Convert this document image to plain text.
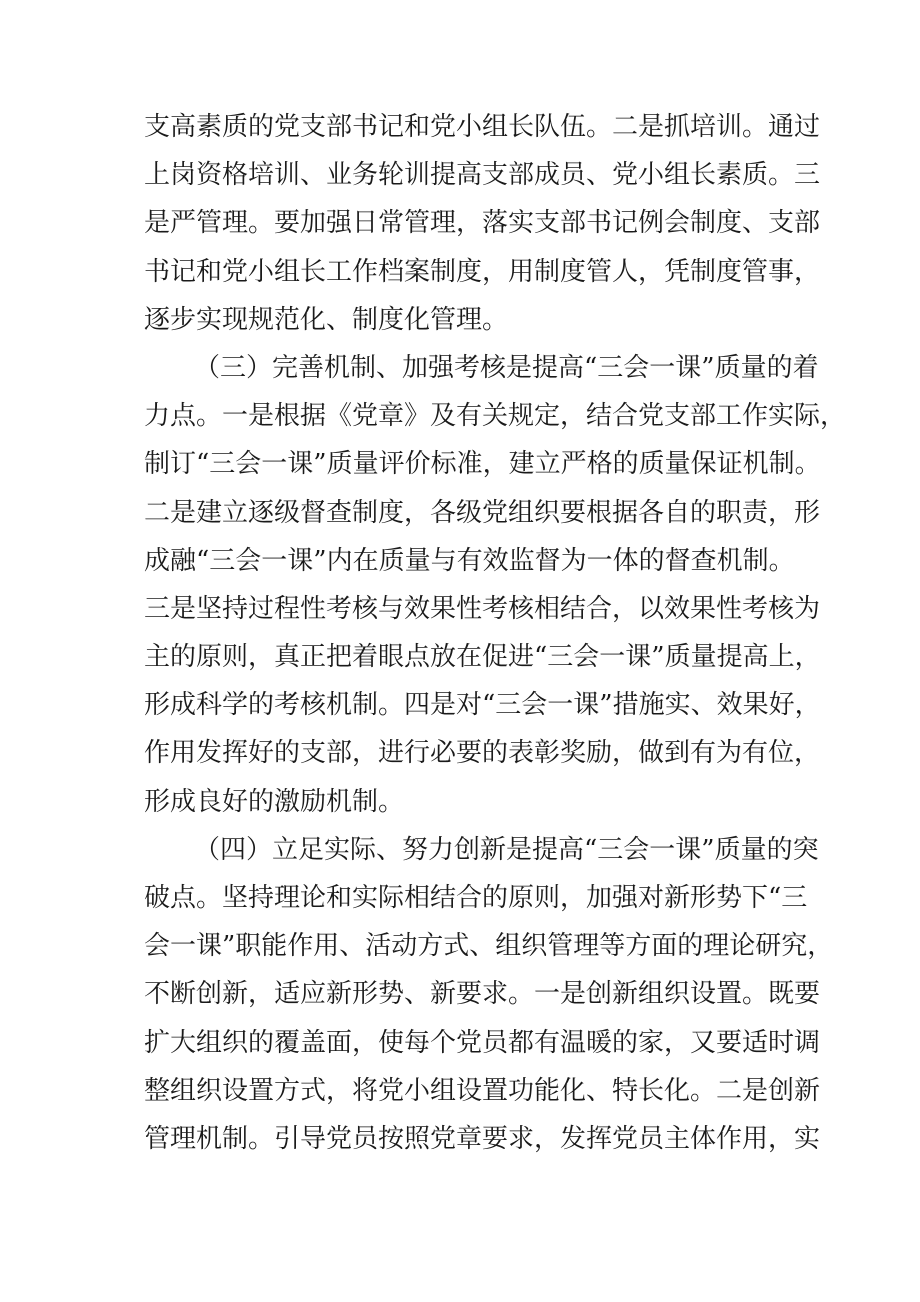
支高素质的党支部书记和党小组长队伍。二是抓培训。通过
上岗资格培训、业务轮训提高支部成员、党小组长素质。三
是严管理。要加强日常管理，落实支部书记例会制度、支部
书记和党小组长工作档案制度，用制度管人，凭制度管事，
逐步实现规范化、制度化管理。
（三）完善机制、加强考核是提高“三会一课”质量的着
力点。一是根据《党章》及有关规定，结合党支部工作实际，
制订“三会一课”质量评价标准，建立严格的质量保证机制。
二是建立逐级督查制度，各级党组织要根据各自的职责，形
成融“三会一课”内在质量与有效监督为一体的督查机制。
三是坚持过程性考核与效果性考核相结合，以效果性考核为
主的原则，真正把着眼点放在促进“三会一课”质量提高上，
形成科学的考核机制。四是对“三会一课”措施实、效果好，
作用发挥好的支部，进行必要的表彰奖励，做到有为有位，
形成良好的激励机制。
（四）立足实际、努力创新是提高“三会一课”质量的突
破点。坚持理论和实际相结合的原则，加强对新形势下“三
会一课”职能作用、活动方式、组织管理等方面的理论研究，
不断创新，适应新形势、新要求。一是创新组织设置。既要
扩大组织的覆盖面，使每个党员都有温暖的家，又要适时调
整组织设置方式，将党小组设置功能化、特长化。二是创新
管理机制。引导党员按照党章要求，发挥党员主体作用，实
